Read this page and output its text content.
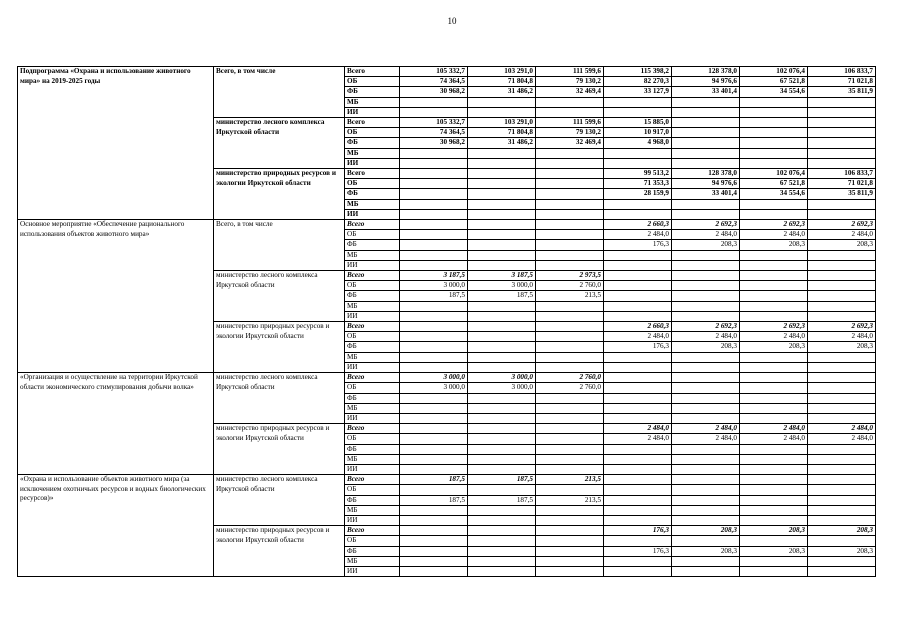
10
Подпрограмма «Охрана и использование животного мира» на 2019-2025 годы	Всего, в том числе	Всего	105 332,7	103 291,0	111 599,6	115 398,2	128 378,0	102 076,4	106 833,7
		ОБ	74 364,5	71 804,8	79 130,2	82 270,3	94 976,6	67 521,8	71 021,8
		ФБ	30 968,2	31 486,2	32 469,4	33 127,9	33 401,4	34 554,6	35 811,9
		МБ							
		ИИ							
	министерство лесного комплекса Иркутской области	Всего	105 332,7	103 291,0	111 599,6	15 885,0			
		ОБ	74 364,5	71 804,8	79 130,2	10 917,0			
		ФБ	30 968,2	31 486,2	32 469,4	4 968,0			
		МБ							
		ИИ							
	министерство природных ресурсов и экологии Иркутской области	Всего				99 513,2	128 378,0	102 076,4	106 833,7
		ОБ				71 353,3	94 976,6	67 521,8	71 021,8
		ФБ				28 159,9	33 401,4	34 554,6	35 811,9
		МБ							
		ИИ							
Основное мероприятие «Обеспечение рационального использования объектов животного мира»	Всего, в том числе	Всего				2 660,3	2 692,3	2 692,3	2 692,3
		ОБ				2 484,0	2 484,0	2 484,0	2 484,0
		ФБ				176,3	208,3	208,3	208,3
		МБ							
		ИИ							
	министерство лесного комплекса Иркутской области	Всего	3 187,5	3 187,5	2 973,5				
		ОБ	3 000,0	3 000,0	2 760,0				
		ФБ	187,5	187,5	213,5				
		МБ							
		ИИ							
	министерство природных ресурсов и экологии Иркутской области	Всего				2 660,3	2 692,3	2 692,3	2 692,3
		ОБ				2 484,0	2 484,0	2 484,0	2 484,0
		ФБ				176,3	208,3	208,3	208,3
		МБ							
		ИИ							
«Организация и осуществление на территории Иркутской области экономического стимулирования добычи волка»	министерство лесного комплекса Иркутской области	Всего	3 000,0	3 000,0	2 760,0				
		ОБ	3 000,0	3 000,0	2 760,0				
		ФБ							
		МБ							
		ИИ							
	министерство природных ресурсов и экологии Иркутской области	Всего				2 484,0	2 484,0	2 484,0	2 484,0
		ОБ				2 484,0	2 484,0	2 484,0	2 484,0
		ФБ							
		МБ							
		ИИ							
«Охрана и использование объектов животного мира (за исключением охотничьих ресурсов и водных биологических ресурсов)»	министерство лесного комплекса Иркутской области	Всего	187,5	187,5	213,5				
		ОБ							
		ФБ	187,5	187,5	213,5				
		МБ							
		ИИ							
	министерство природных ресурсов и экологии Иркутской области	Всего				176,3	208,3	208,3	208,3
		ОБ							
		ФБ				176,3	208,3	208,3	208,3
		МБ							
		ИИ							
